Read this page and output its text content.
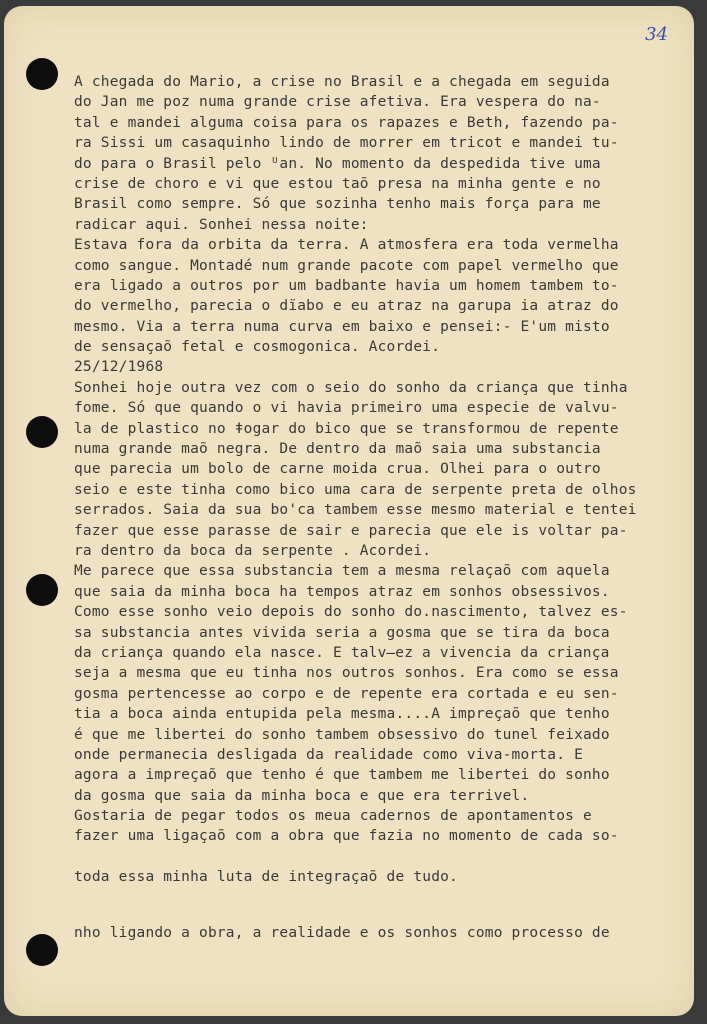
34
A chegada do Mario, a crise no Brasil e a chegada em seguida
do Jan me poz numa grande crise afetiva. Era vespera do na-
tal e mandei alguma coisa para os rapazes e Beth, fazendo pa-
ra Sissi um casaquinho lindo de morrer em tricot e mandei tu-
do para o Brasil pelo ᵁan. No momento da despedida tive uma
crise de choro e vi que estou taõ presa na minha gente e no
Brasil como sempre. Só que sozinha tenho mais força para me
radicar aqui. Sonhei nessa noite:
Estava fora da orbita da terra. A atmosfera era toda vermelha
como sangue. Montadé num grande pacote com papel vermelho que
era ligado a outros por um badbante havia um homem tambem to-
do vermelho, parecia o dïabo e eu atraz na garupa ia atraz do
mesmo. Via a terra numa curva em baixo e pensei:- E'um misto
de sensaçaõ fetal e cosmogonica. Acordei.
25/12/1968
Sonhei hoje outra vez com o seio do sonho da criança que tinha
fome. Só que quando o vi havia primeiro uma especie de valvu-
la de plastico no ǂogar do bico que se transformou de repente
numa grande maõ negra. De dentro da maõ saia uma substancia
que parecia um bolo de carne moida crua. Olhei para o outro
seio e este tinha como bico uma cara de serpente preta de olhos
serrados. Saia da sua bo'ca tambem esse mesmo material e tentei
fazer que esse parasse de sair e parecia que ele is voltar pa-
ra dentro da boca da serpente . Acordei.
Me parece que essa substancia tem a mesma relaçaõ com aquela
que saia da minha boca ha tempos atraz em sonhos obsessivos.
Como esse sonho veio depois do sonho do.nascimento, talvez es-
sa substancia antes vivida seria a gosma que se tira da boca
da criança quando ela nasce. E talv̶ez a vivencia da criança
seja a mesma que eu tinha nos outros sonhos. Era como se essa
gosma pertencesse ao corpo e de repente era cortada e eu sen-
tia a boca ainda entupida pela mesma....A impreçaõ que tenho
é que me libertei do sonho tambem obsessivo do tunel feixado
onde permanecia desligada da realidade como viva-morta. E
agora a impreçaõ que tenho é que tambem me libertei do sonho
da gosma que saia da minha boca e que era terrivel.
Gostaria de pegar todos os meua cadernos de apontamentos e
fazer uma ligaçaõ com a obra que fazia no momento de cada so-
toda essa minha luta de integraçaõ de tudo.
nho ligando a obra, a realidade e os sonhos como processo de
